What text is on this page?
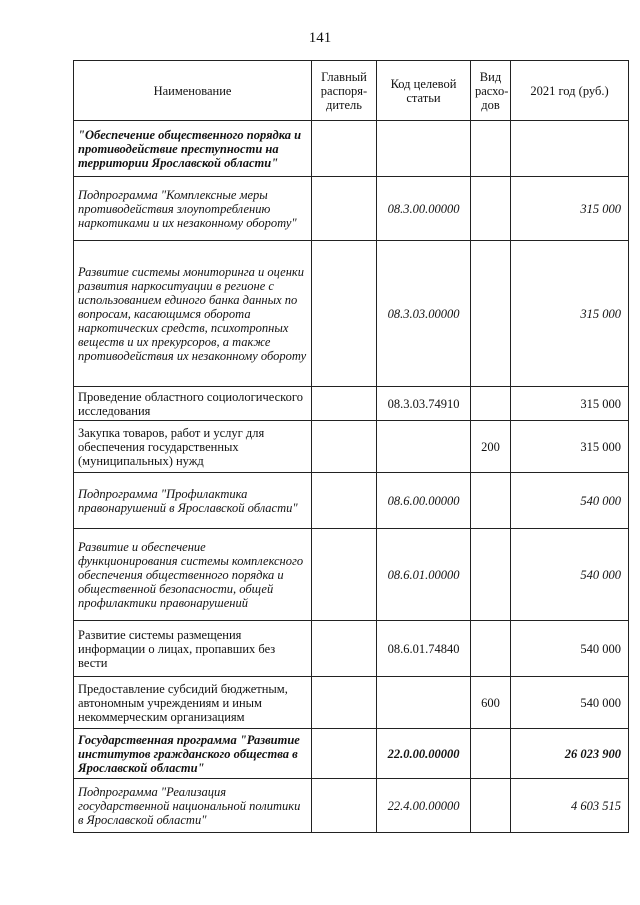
141
Наименование	Главный распоря-дитель	Код целевой статьи	Вид расхо-дов	2021 год (руб.)
"Обеспечение общественного порядка и противодействие преступности на территории Ярославской области"				
Подпрограмма "Комплексные меры противодействия злоупотреблению наркотиками и их незаконному обороту"		08.3.00.00000		315 000
Развитие системы мониторинга и оценки развития наркоситуации в регионе с использованием единого банка данных по вопросам, касающимся оборота наркотических средств, психотропных веществ и их прекурсоров, а также противодействия их незаконному обороту		08.3.03.00000		315 000
Проведение областного социологического исследования		08.3.03.74910		315 000
Закупка товаров, работ и услуг для обеспечения государственных (муниципальных) нужд			200	315 000
Подпрограмма "Профилактика правонарушений в Ярославской области"		08.6.00.00000		540 000
Развитие и обеспечение функционирования системы комплексного обеспечения общественного порядка и общественной безопасности, общей профилактики правонарушений		08.6.01.00000		540 000
Развитие системы размещения информации о лицах, пропавших без вести		08.6.01.74840		540 000
Предоставление субсидий бюджетным, автономным учреждениям и иным некоммерческим организациям			600	540 000
Государственная программа "Развитие институтов гражданского общества в Ярославской области"		22.0.00.00000		26 023 900
Подпрограмма "Реализация государственной национальной политики в Ярославской области"		22.4.00.00000		4 603 515
